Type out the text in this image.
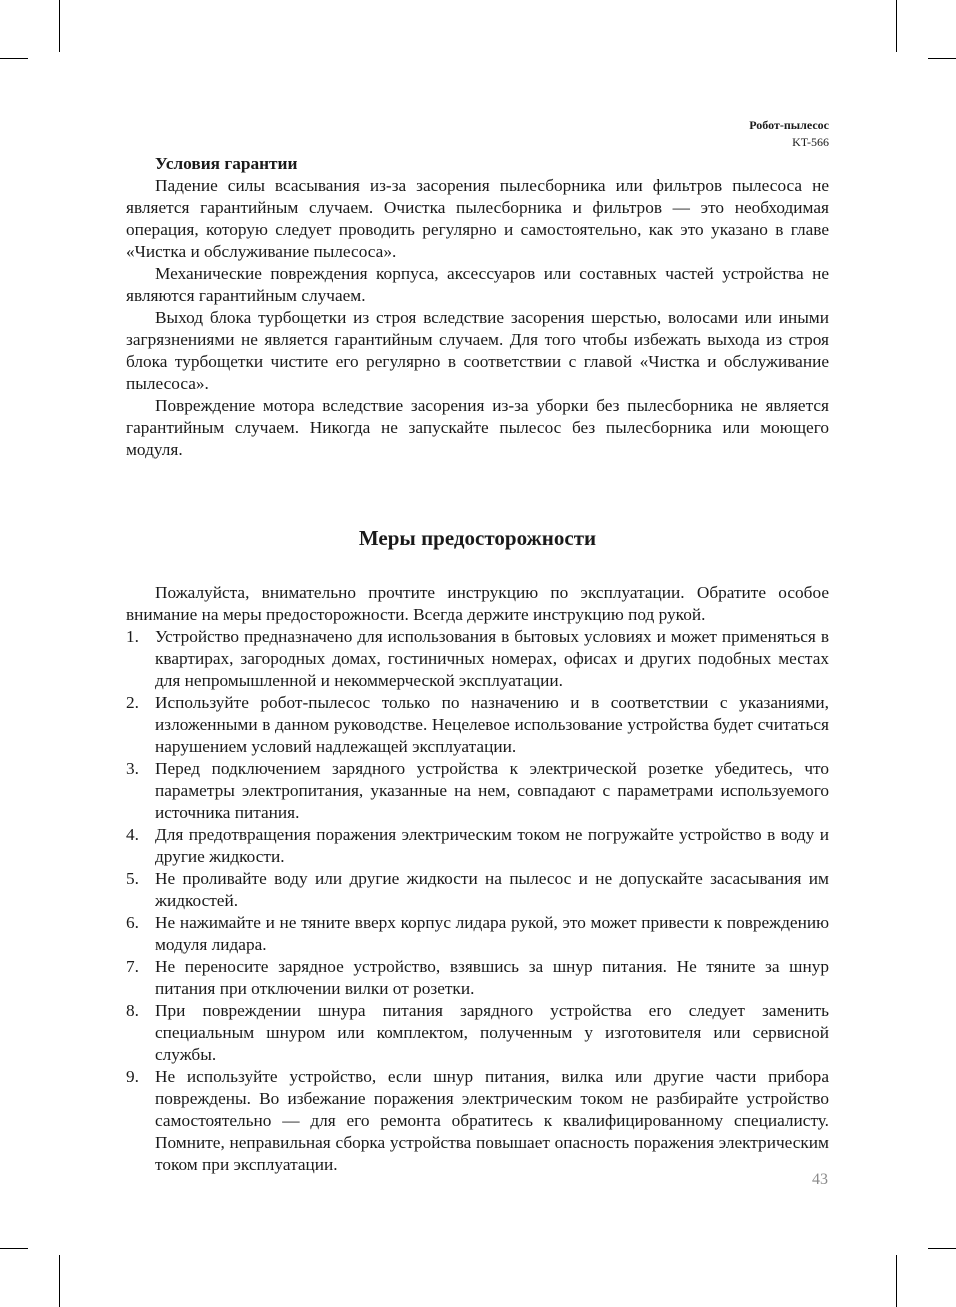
Робот-пылесос
KT-566
Условия гарантии

Падение силы всасывания из-за засорения пылесборника или фильтров пылесоса не является гарантийным случаем. Очистка пылесборника и фильтров — это необходимая операция, которую следует проводить регулярно и самостоятельно, как это указано в главе «Чистка и обслуживание пылесоса».

Механические повреждения корпуса, аксессуаров или составных частей устройства не являются гарантийным случаем.

Выход блока турбощетки из строя вследствие засорения шерстью, волосами или иными загрязнениями не является гарантийным случаем. Для того чтобы избежать выхода из строя блока турбощетки чистите его регулярно в соответствии с главой «Чистка и обслуживание пылесоса».

Повреждение мотора вследствие засорения из-за уборки без пылесборника не является гарантийным случаем. Никогда не запускайте пылесос без пылесборника или моющего модуля.

Меры предосторожности

Пожалуйста, внимательно прочтите инструкцию по эксплуатации. Обратите особое внимание на меры предосторожности. Всегда держите инструкцию под рукой.

1. Устройство предназначено для использования в бытовых условиях и может применяться в квартирах, загородных домах, гостиничных номерах, офисах и других подобных местах для непромышленной и некоммерческой эксплуатации.
2. Используйте робот-пылесос только по назначению и в соответствии с указаниями, изложенными в данном руководстве. Нецелевое использование устройства будет считаться нарушением условий надлежащей эксплуатации.
3. Перед подключением зарядного устройства к электрической розетке убедитесь, что параметры электропитания, указанные на нем, совпадают с параметрами используемого источника питания.
4. Для предотвращения поражения электрическим током не погружайте устройство в воду и другие жидкости.
5. Не проливайте воду или другие жидкости на пылесос и не допускайте засасывания им жидкостей.
6. Не нажимайте и не тяните вверх корпус лидара рукой, это может привести к повреждению модуля лидара.
7. Не переносите зарядное устройство, взявшись за шнур питания. Не тяните за шнур питания при отключении вилки от розетки.
8. При повреждении шнура питания зарядного устройства его следует заменить специальным шнуром или комплектом, полученным у изготовителя или сервисной службы.
9. Не используйте устройство, если шнур питания, вилка или другие части прибора повреждены. Во избежание поражения электрическим током не разбирайте устройство самостоятельно — для его ремонта обратитесь к квалифицированному специалисту. Помните, неправильная сборка устройства повышает опасность поражения электрическим током при эксплуатации.
43
